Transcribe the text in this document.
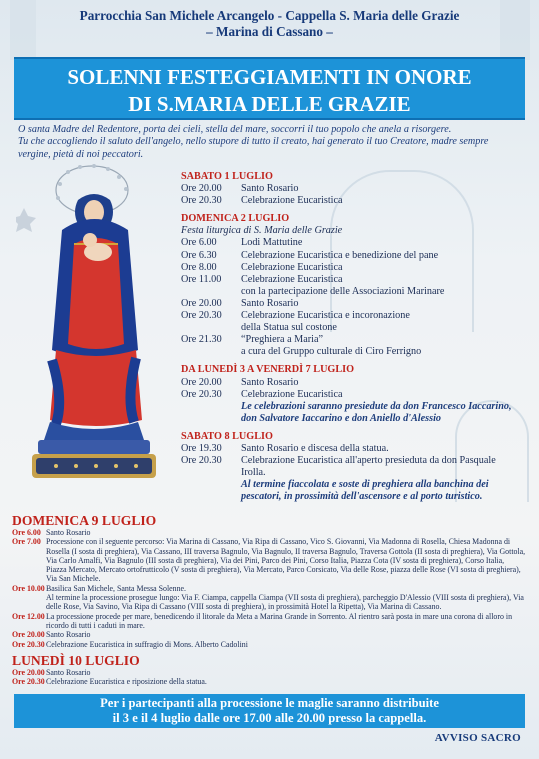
Parrocchia San Michele Arcangelo - Cappella S. Maria delle Grazie
– Marina di Cassano –
SOLENNI FESTEGGIAMENTI IN ONORE
DI S.MARIA DELLE GRAZIE
O santa Madre del Redentore, porta dei cieli, stella del mare, soccorri il tuo popolo che anela a risorgere.
Tu che accogliendo il saluto dell'angelo, nello stupore di tutto il creato, hai generato il tuo Creatore, madre sempre
vergine, pietà di noi peccatori.
SABATO 1 LUGLIO
Ore 20.00	Santo Rosario
Ore 20.30	Celebrazione Eucaristica
DOMENICA 2 LUGLIO
Festa liturgica di S. Maria delle Grazie
Ore 6.00	Lodi Mattutine
Ore 6.30	Celebrazione Eucaristica e benedizione del pane
Ore 8.00	Celebrazione Eucaristica
Ore 11.00	Celebrazione Eucaristica
con la partecipazione delle Associazioni Marinare
Ore 20.00	Santo Rosario
Ore 20.30	Celebrazione Eucaristica e incoronazione
della Statua sul costone
Ore 21.30	“Preghiera a Maria”
a cura del Gruppo culturale di Ciro Ferrigno
DA LUNEDÌ 3 A VENERDÌ 7 LUGLIO
Ore 20.00	Santo Rosario
Ore 20.30	Celebrazione Eucaristica
Le celebrazioni saranno presiedute da don Francesco Iaccarino, don Salvatore Iaccarino e don Aniello d'Alessio
SABATO 8 LUGLIO
Ore 19.30	Santo Rosario e discesa della statua.
Ore 20.30	Celebrazione Eucaristica all'aperto presieduta da don Pasquale Irolla.
Al termine fiaccolata e soste di preghiera alla banchina dei pescatori, in prossimità dell'ascensore e al porto turistico.
DOMENICA 9 LUGLIO
Ore 6.00 Santo Rosario
Ore 7.00 Processione con il seguente percorso: Via Marina di Cassano, Via Ripa di Cassano, Vico S. Giovanni, Via Madonna di Rosella, Chiesa Madonna di Rosella (I sosta di preghiera), Via Cassano, III traversa Bagnulo, Via Bagnulo, II traversa Bagnulo, Traversa Gottola (II sosta di preghiera), Via Gottola, Via Carlo Amalfi, Via Bagnulo (III sosta di preghiera), Via dei Pini, Parco dei Pini, Corso Italia, Piazza Cota (IV sosta di preghiera), Corso Italia, Piazza Mercato, Mercato ortofrutticolo (V sosta di preghiera), Via Mercato, Parco Corsicato, Via delle Rose, piazza delle Rose (VI sosta di preghiera), Via San Michele.
Ore 10.00 Basilica San Michele, Santa Messa Solenne.
Al termine la processione prosegue lungo: Via F. Ciampa, cappella Ciampa (VII sosta di preghiera), parcheggio D'Alessio (VIII sosta di preghiera), Via delle Rose, Via Savino, Via Ripa di Cassano (VIII sosta di preghiera), in prossimità Hotel la Ripetta), Via Marina di Cassano.
Ore 12.00 La processione procede per mare, benedicendo il litorale da Meta a Marina Grande in Sorrento. Al rientro sarà posta in mare una corona di alloro in ricordo di tutti i caduti in mare.
Ore 20.00 Santo Rosario
Ore 20.30 Celebrazione Eucaristica in suffragio di Mons. Alberto Cadolini
LUNEDÌ 10 LUGLIO
Ore 20.00 Santo Rosario
Ore 20.30 Celebrazione Eucaristica e riposizione della statua.
Per i partecipanti alla processione le maglie saranno distribuite
il 3 e il 4 luglio dalle ore 17.00 alle 20.00 presso la cappella.
AVVISO SACRO
